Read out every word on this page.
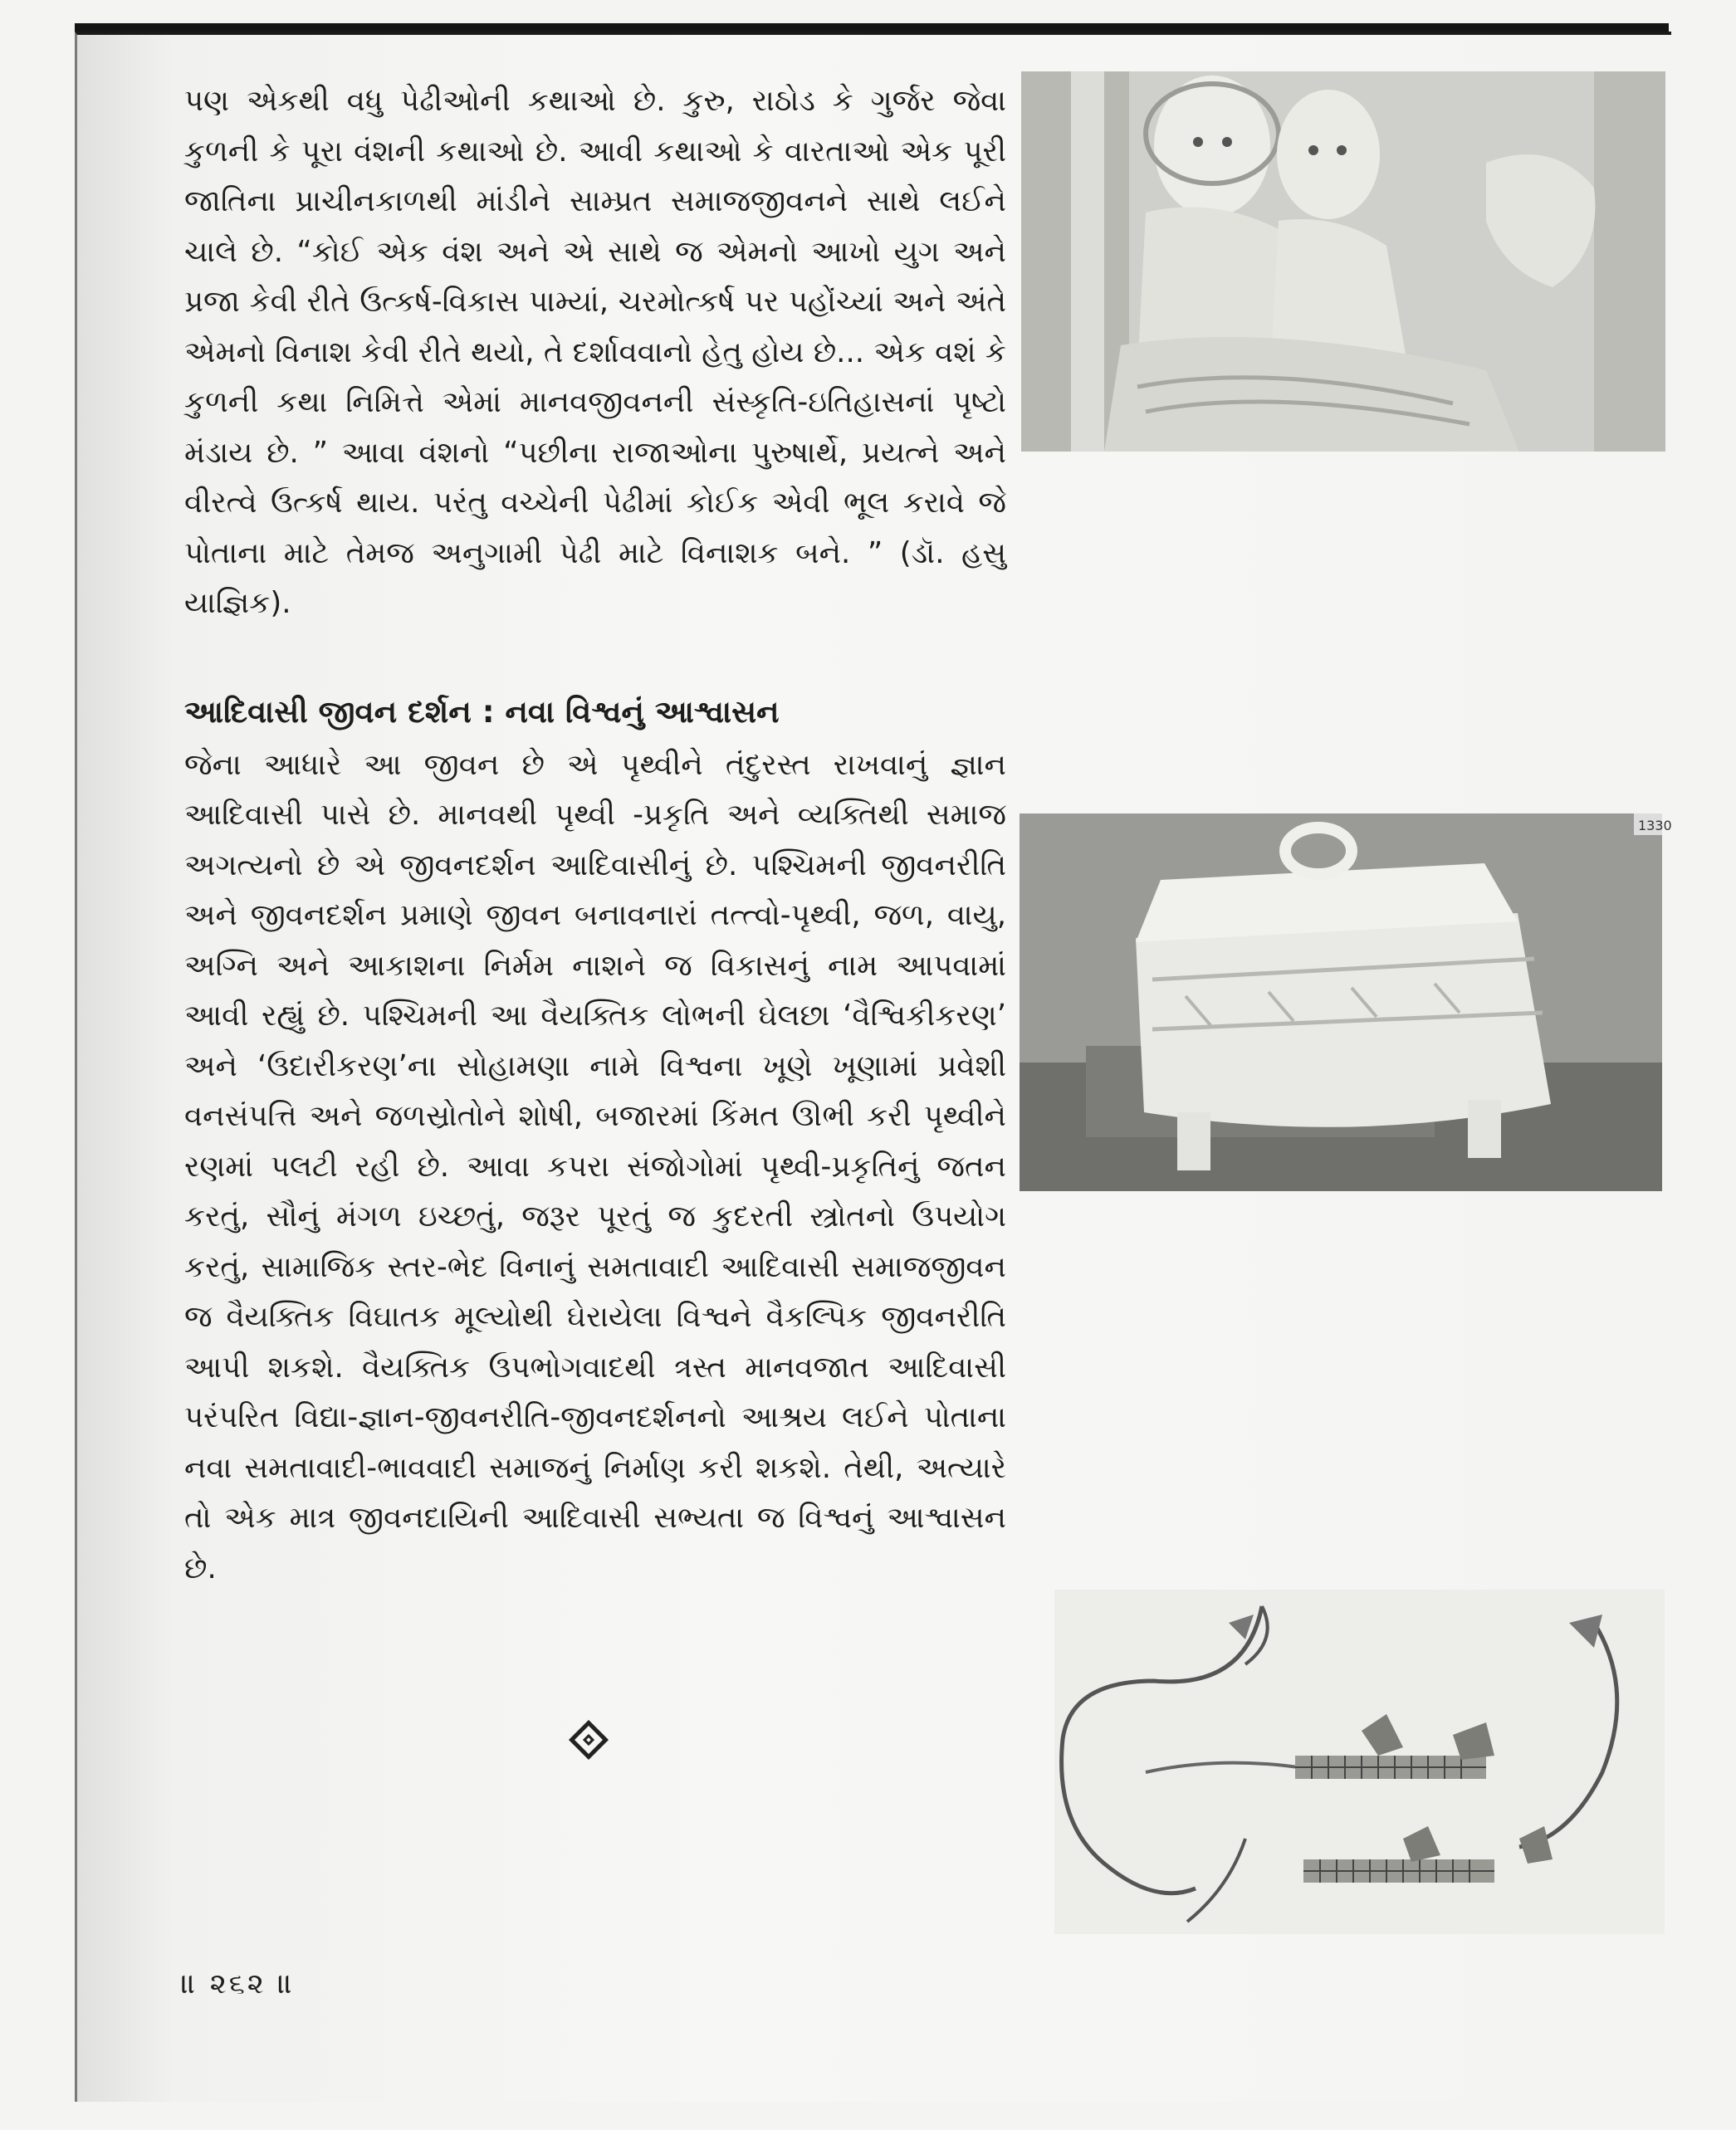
પણ એકથી વધુ પેઢીઓની કથાઓ છે. કુરુ, રાઠોડ કે ગુર્જર જેવા કુળની કે પૂરા વંશની કથાઓ છે. આવી કથાઓ કે વારતાઓ એક પૂરી જાતિના પ્રાચીનકાળથી માંડીને સામ્પ્રત સમાજજીવનને સાથે લઈને ચાલે છે. “કોઈ એક વંશ અને એ સાથે જ એમનો આખો યુગ અને પ્રજા કેવી રીતે ઉત્કર્ષ-વિકાસ પામ્યાં, ચરમોત્કર્ષ પર પહોંચ્યાં અને અંતે એમનો વિનાશ કેવી રીતે થયો, તે દર્શાવવાનો હેતુ હોય છે... એક વશં કે કુળની કથા નિમિત્તે એમાં માનવજીવનની સંસ્કૃતિ-ઇતિહાસનાં પૃષ્ટો મંડાય છે. ” આવા વંશનો “પછીના રાજાઓના પુરુષાર્થે, પ્રયત્ને અને વીરત્વે ઉત્કર્ષ થાય. પરંતુ વચ્ચેની પેઢીમાં કોઈક એવી ભૂલ કરાવે જે પોતાના માટે તેમજ અનુગામી પેઢી માટે વિનાશક બને. ” (ડૉ. હસુ યાજ્ઞિક).

આદિવાસી જીવન દર્શન : નવા વિશ્વનું આશ્વાસન

જેના આધારે આ જીવન છે એ પૃથ્વીને તંદુરસ્ત રાખવાનું જ્ઞાન આદિવાસી પાસે છે. માનવથી પૃથ્વી -પ્રકૃતિ અને વ્યક્તિથી સમાજ અગત્યનો છે એ જીવનદર્શન આદિવાસીનું છે. પશ્ચિમની જીવનરીતિ અને જીવનદર્શન પ્રમાણે જીવન બનાવનારાં તત્ત્વો-પૃથ્વી, જળ, વાયુ, અગ્નિ અને આકાશના નિર્મમ નાશને જ વિકાસનું નામ આપવામાં આવી રહ્યું છે. પશ્ચિમની આ વૈયક્તિક લોભની ઘેલછા ‘વૈશ્વિકીકરણ’ અને ‘ઉદારીકરણ’ના સોહામણા નામે વિશ્વના ખૂણે ખૂણામાં પ્રવેશી વનસંપત્તિ અને જળસ્રોતોને શોષી, બજારમાં કિંમત ઊભી કરી પૃથ્વીને રણમાં પલટી રહી છે. આવા કપરા સંજોગોમાં પૃથ્વી-પ્રકૃતિનું જતન કરતું, સૌનું મંગળ ઇચ્છતું, જરૂર પૂરતું જ કુદરતી સ્ત્રોતનો ઉપયોગ કરતું, સામાજિક સ્તર-ભેદ વિનાનું સમતાવાદી આદિવાસી સમાજજીવન જ વૈયક્તિક વિઘાતક મૂલ્યોથી ઘેરાયેલા વિશ્વને વૈકલ્પિક જીવનરીતિ આપી શકશે. વૈયક્તિક ઉપભોગવાદથી ત્રસ્ત માનવજાત આદિવાસી પરંપરિત વિદ્યા-જ્ઞાન-જીવનરીતિ-જીવનદર્શનનો આશ્રય લઈને પોતાના નવા સમતાવાદી-ભાવવાદી સમાજનું નિર્માણ કરી શકશે. તેથી, અત્યારે તો એક માત્ર જીવનદાયિની આદિવાસી સભ્યતા જ વિશ્વનું આશ્વાસન છે.

॥ ૨૬૨ ॥
1330
